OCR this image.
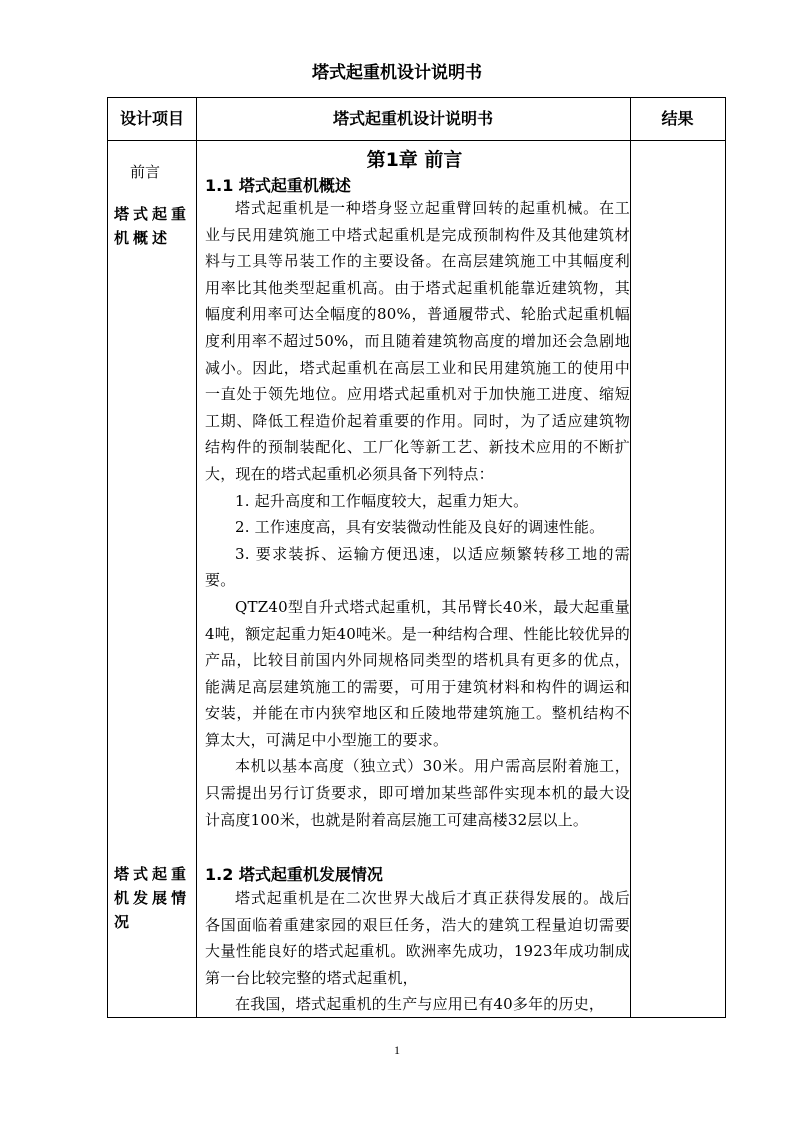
塔式起重机设计说明书
设计项目	塔式起重机设计说明书	结果
前言
塔式起重机概述
塔式起重机发展情况
第1章 前言
1.1 塔式起重机概述

塔式起重机是一种塔身竖立起重臂回转的起重机械。在工业与民用建筑施工中塔式起重机是完成预制构件及其他建筑材料与工具等吊装工作的主要设备。在高层建筑施工中其幅度利用率比其他类型起重机高。由于塔式起重机能靠近建筑物，其幅度利用率可达全幅度的80%，普通履带式、轮胎式起重机幅度利用率不超过50%，而且随着建筑物高度的增加还会急剧地减小。因此，塔式起重机在高层工业和民用建筑施工的使用中一直处于领先地位。应用塔式起重机对于加快施工进度、缩短工期、降低工程造价起着重要的作用。同时，为了适应建筑物结构件的预制装配化、工厂化等新工艺、新技术应用的不断扩大，现在的塔式起重机必须具备下列特点：

1. 起升高度和工作幅度较大，起重力矩大。

2. 工作速度高，具有安装微动性能及良好的调速性能。

3. 要求装拆、运输方便迅速，以适应频繁转移工地的需要。

QTZ40型自升式塔式起重机，其吊臂长40米，最大起重量4吨，额定起重力矩40吨米。是一种结构合理、性能比较优异的产品，比较目前国内外同规格同类型的塔机具有更多的优点，能满足高层建筑施工的需要，可用于建筑材料和构件的调运和安装，并能在市内狭窄地区和丘陵地带建筑施工。整机结构不算太大，可满足中小型施工的要求。

本机以基本高度（独立式）30米。用户需高层附着施工，只需提出另行订货要求，即可增加某些部件实现本机的最大设计高度100米，也就是附着高层施工可建高楼32层以上。

1.2 塔式起重机发展情况

塔式起重机是在二次世界大战后才真正获得发展的。战后各国面临着重建家园的艰巨任务，浩大的建筑工程量迫切需要大量性能良好的塔式起重机。欧洲率先成功，1923年成功制成第一台比较完整的塔式起重机，

在我国，塔式起重机的生产与应用已有40多年的历史，

1
